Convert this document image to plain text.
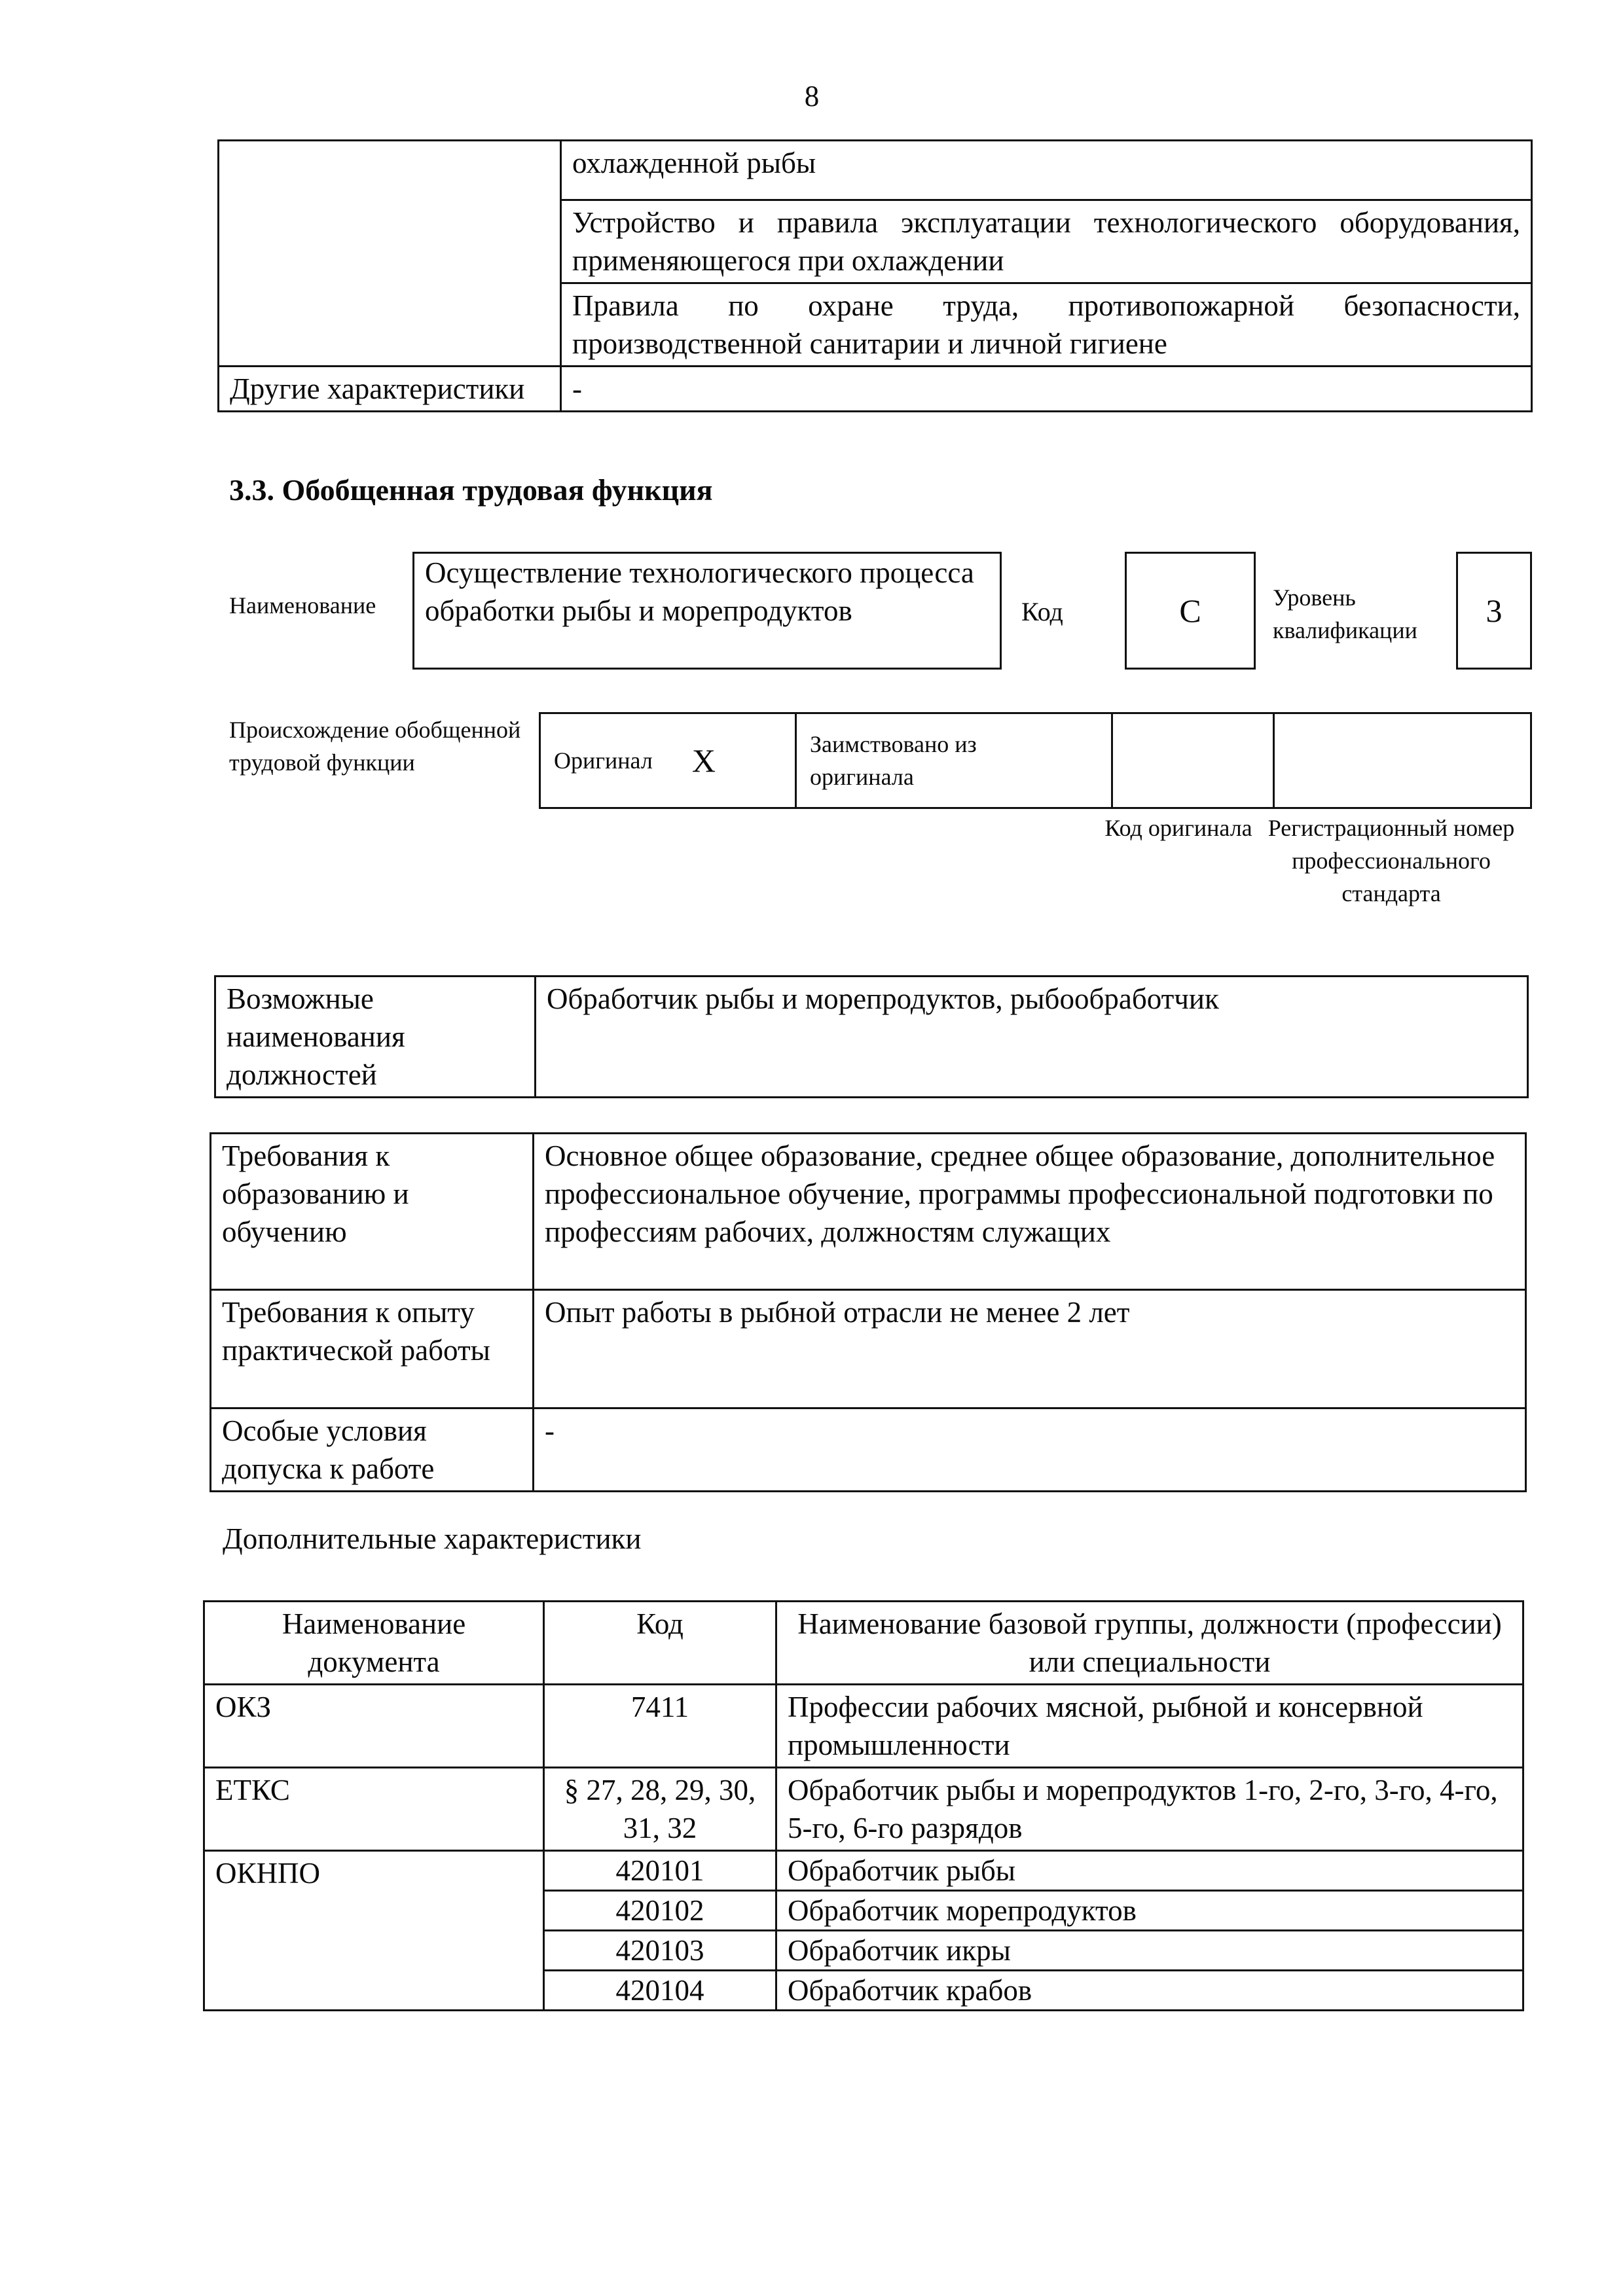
8
	охлажденной рыбы
	Устройство и правила эксплуатации технологического оборудования, применяющегося при охлаждении
	Правила по охране труда, противопожарной безопасности, производственной санитарии и личной гигиене
Другие характеристики	-
3.3. Обобщенная трудовая функция
Наименование
Осуществление технологического процесса обработки рыбы и морепродуктов	Код	C	Уровень квалификации
3
Происхождение обобщенной трудовой функции	Оригинал X	Заимствовано из оригинала
Код оригинала Регистрационный номер профессионального стандарта
Возможные наименования должностей	Обработчик рыбы и морепродуктов, рыбообработчик
Требования к образованию и обучению	Основное общее образование, среднее общее образование, дополнительное профессиональное обучение, программы профессиональной подготовки по профессиям рабочих, должностям служащих
Требования к опыту практической работы	Опыт работы в рыбной отрасли не менее 2 лет
Особые условия допуска к работе	-
Дополнительные характеристики
Наименование документа	Код	Наименование базовой группы, должности (профессии) или специальности
ОКЗ	7411	Профессии рабочих мясной, рыбной и консервной промышленности
ЕТКС	§ 27, 28, 29, 30, 31, 32	Обработчик рыбы и морепродуктов 1-го, 2-го, 3-го, 4-го, 5-го, 6-го разрядов
ОКНПО	420101	Обработчик рыбы
	420102	Обработчик морепродуктов
	420103	Обработчик икры
	420104	Обработчик крабов
